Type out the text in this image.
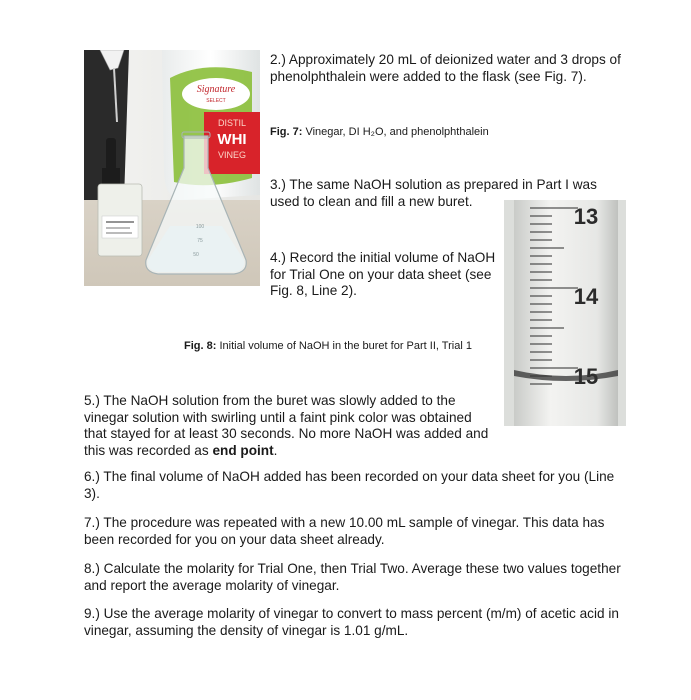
Signature
SELECT
DISTIL
WHI
VINEG
100
75
50
2.) Approximately 20 mL of deionized water and 3 drops of phenolphthalein were added to the flask (see Fig. 7).
Fig. 7: Vinegar, DI H₂O, and phenolphthalein
3.) The same NaOH solution as prepared in Part I was used to clean and fill a new buret.
4.) Record the initial volume of NaOH for Trial One on your data sheet (see Fig. 8, Line 2).
13
14
Fig. 8: Initial volume of NaOH in the buret for Part II, Trial 1
5.) The NaOH solution from the buret was slowly added to the vinegar solution with swirling until a faint pink color was obtained that stayed for at least 30 seconds. No more NaOH was added and this was recorded as end point.
6.) The final volume of NaOH added has been recorded on your data sheet for you (Line 3).
7.) The procedure was repeated with a new 10.00 mL sample of vinegar. This data has been recorded for you on your data sheet already.
8.) Calculate the molarity for Trial One, then Trial Two. Average these two values together and report the average molarity of vinegar.
9.) Use the average molarity of vinegar to convert to mass percent (m/m) of acetic acid in vinegar, assuming the density of vinegar is 1.01 g/mL.
